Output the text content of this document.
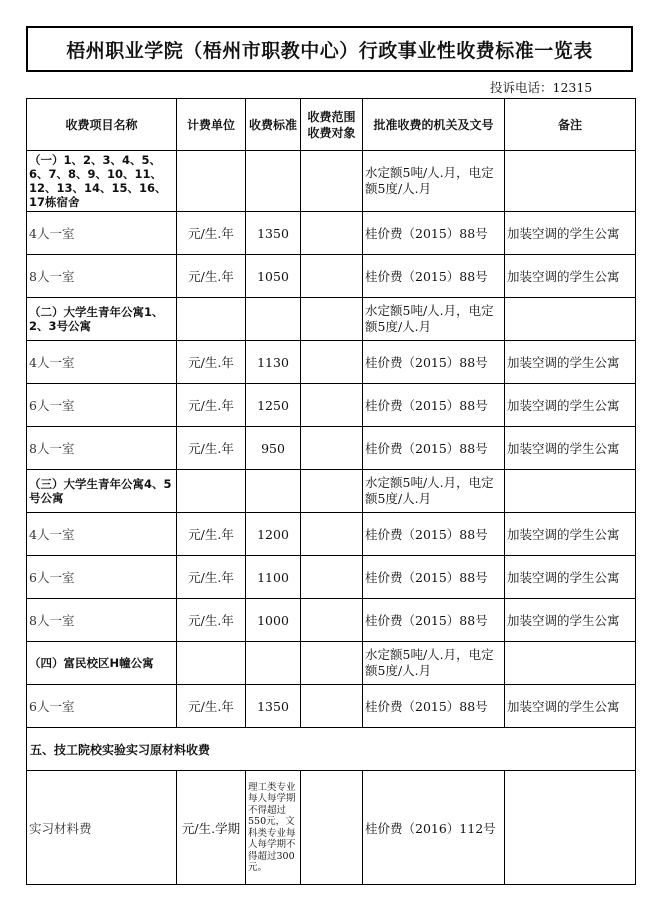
梧州职业学院（梧州市职教中心）行政事业性收费标准一览表
投诉电话：12315
收费项目名称	计费单位	收费标准	收费范围收费对象	批准收费的机关及文号	备注
（一）1、2、3、4、5、6、7、8、9、10、11、12、13、14、15、16、17栋宿舍				水定额5吨/人.月，电定额5度/人.月	
4人一室	元/生.年	1350		桂价费（2015）88号	加装空调的学生公寓
8人一室	元/生.年	1050		桂价费（2015）88号	加装空调的学生公寓
（二）大学生青年公寓1、2、3号公寓				水定额5吨/人.月，电定额5度/人.月	
4人一室	元/生.年	1130		桂价费（2015）88号	加装空调的学生公寓
6人一室	元/生.年	1250		桂价费（2015）88号	加装空调的学生公寓
8人一室	元/生.年	950		桂价费（2015）88号	加装空调的学生公寓
（三）大学生青年公寓4、5号公寓				水定额5吨/人.月，电定额5度/人.月	
4人一室	元/生.年	1200		桂价费（2015）88号	加装空调的学生公寓
6人一室	元/生.年	1100		桂价费（2015）88号	加装空调的学生公寓
8人一室	元/生.年	1000		桂价费（2015）88号	加装空调的学生公寓
（四）富民校区H幢公寓				水定额5吨/人.月，电定额5度/人.月	
6人一室	元/生.年	1350		桂价费（2015）88号	加装空调的学生公寓
五、技工院校实验实习原材料收费					
实习材料费	元/生.学期	理工类专业每人每学期不得超过550元，文科类专业每人每学期不得超过300元。		桂价费（2016）112号	
